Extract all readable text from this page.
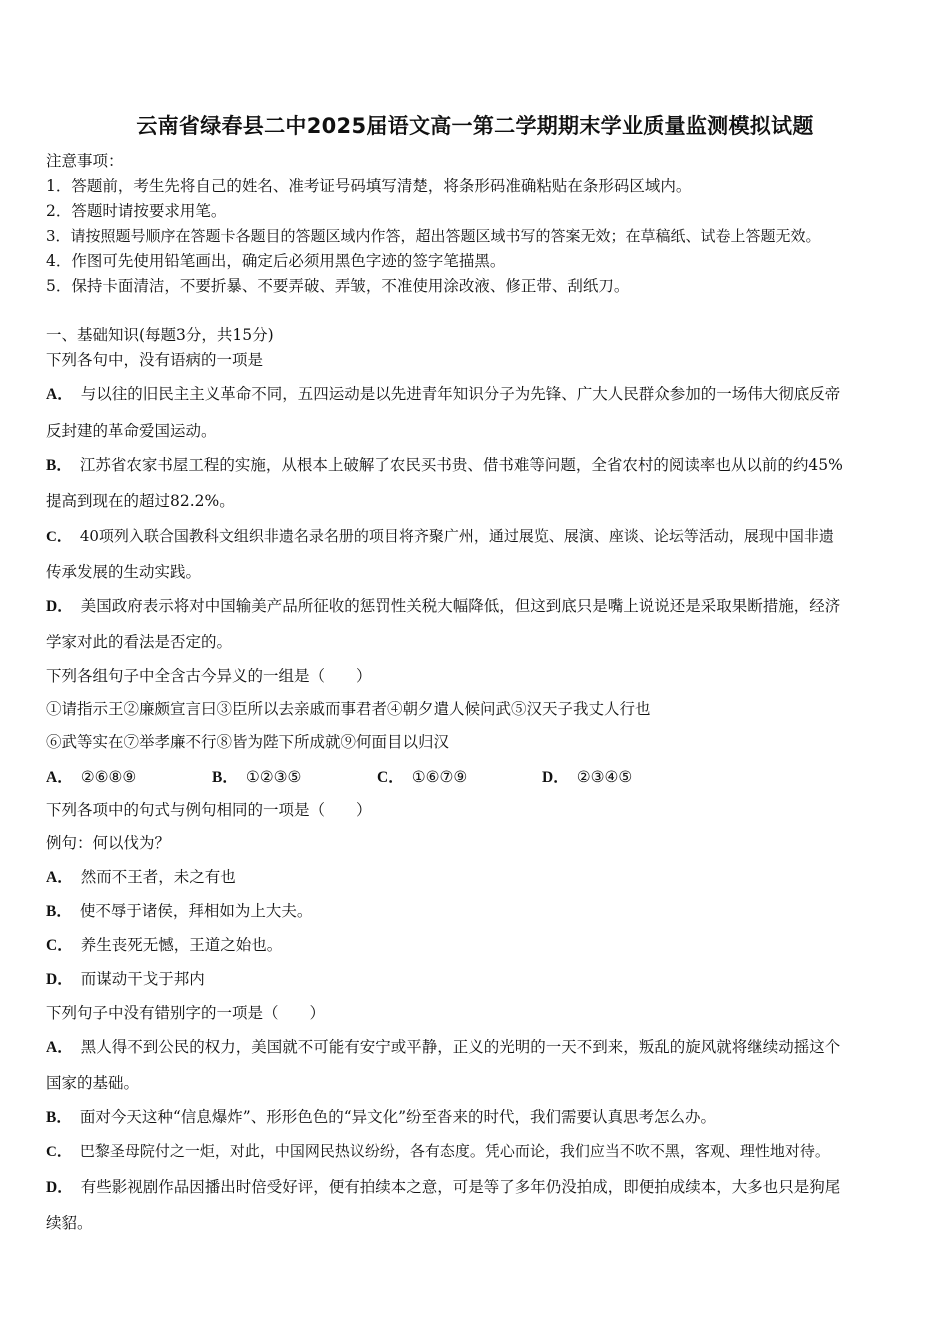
云南省绿春县二中2025届语文高一第二学期期末学业质量监测模拟试题
注意事项：
1．答题前，考生先将自己的姓名、准考证号码填写清楚，将条形码准确粘贴在条形码区域内。
2．答题时请按要求用笔。
3．请按照题号顺序在答题卡各题目的答题区域内作答，超出答题区域书写的答案无效；在草稿纸、试卷上答题无效。
4．作图可先使用铅笔画出，确定后必须用黑色字迹的签字笔描黑。
5．保持卡面清洁，不要折暴、不要弄破、弄皱，不准使用涂改液、修正带、刮纸刀。
一、基础知识(每题3分，共15分)
下列各句中，没有语病的一项是
A． 与以往的旧民主主义革命不同，五四运动是以先进青年知识分子为先锋、广大人民群众参加的一场伟大彻底反帝
反封建的革命爱国运动。
B． 江苏省农家书屋工程的实施，从根本上破解了农民买书贵、借书难等问题，全省农村的阅读率也从以前的约45%
提高到现在的超过82.2%。
C． 40项列入联合国教科文组织非遗名录名册的项目将齐聚广州，通过展览、展演、座谈、论坛等活动，展现中国非遗
传承发展的生动实践。
D． 美国政府表示将对中国输美产品所征收的惩罚性关税大幅降低，但这到底只是嘴上说说还是采取果断措施，经济
学家对此的看法是否定的。
下列各组句子中全含古今异义的一组是（　　）
①请指示王②廉颇宣言曰③臣所以去亲戚而事君者④朝夕遣人候问武⑤汉天子我丈人行也
⑥武等实在⑦举孝廉不行⑧皆为陛下所成就⑨何面目以归汉
A． ②⑥⑧⑨	B． ①②③⑤	C． ①⑥⑦⑨	D． ②③④⑤
下列各项中的句式与例句相同的一项是（　　）
例句：何以伐为？
A． 然而不王者，未之有也
B． 使不辱于诸侯，拜相如为上大夫。
C． 养生丧死无憾，王道之始也。
D． 而谋动干戈于邦内
下列句子中没有错别字的一项是（　　）
A． 黑人得不到公民的权力，美国就不可能有安宁或平静，正义的光明的一天不到来，叛乱的旋风就将继续动摇这个
国家的基础。
B． 面对今天这种“信息爆炸”、形形色色的“异文化”纷至沓来的时代，我们需要认真思考怎么办。
C． 巴黎圣母院付之一炬，对此，中国网民热议纷纷，各有态度。凭心而论，我们应当不吹不黑，客观、理性地对待。
D． 有些影视剧作品因播出时倍受好评，便有拍续本之意，可是等了多年仍没拍成，即便拍成续本，大多也只是狗尾
续貂。
